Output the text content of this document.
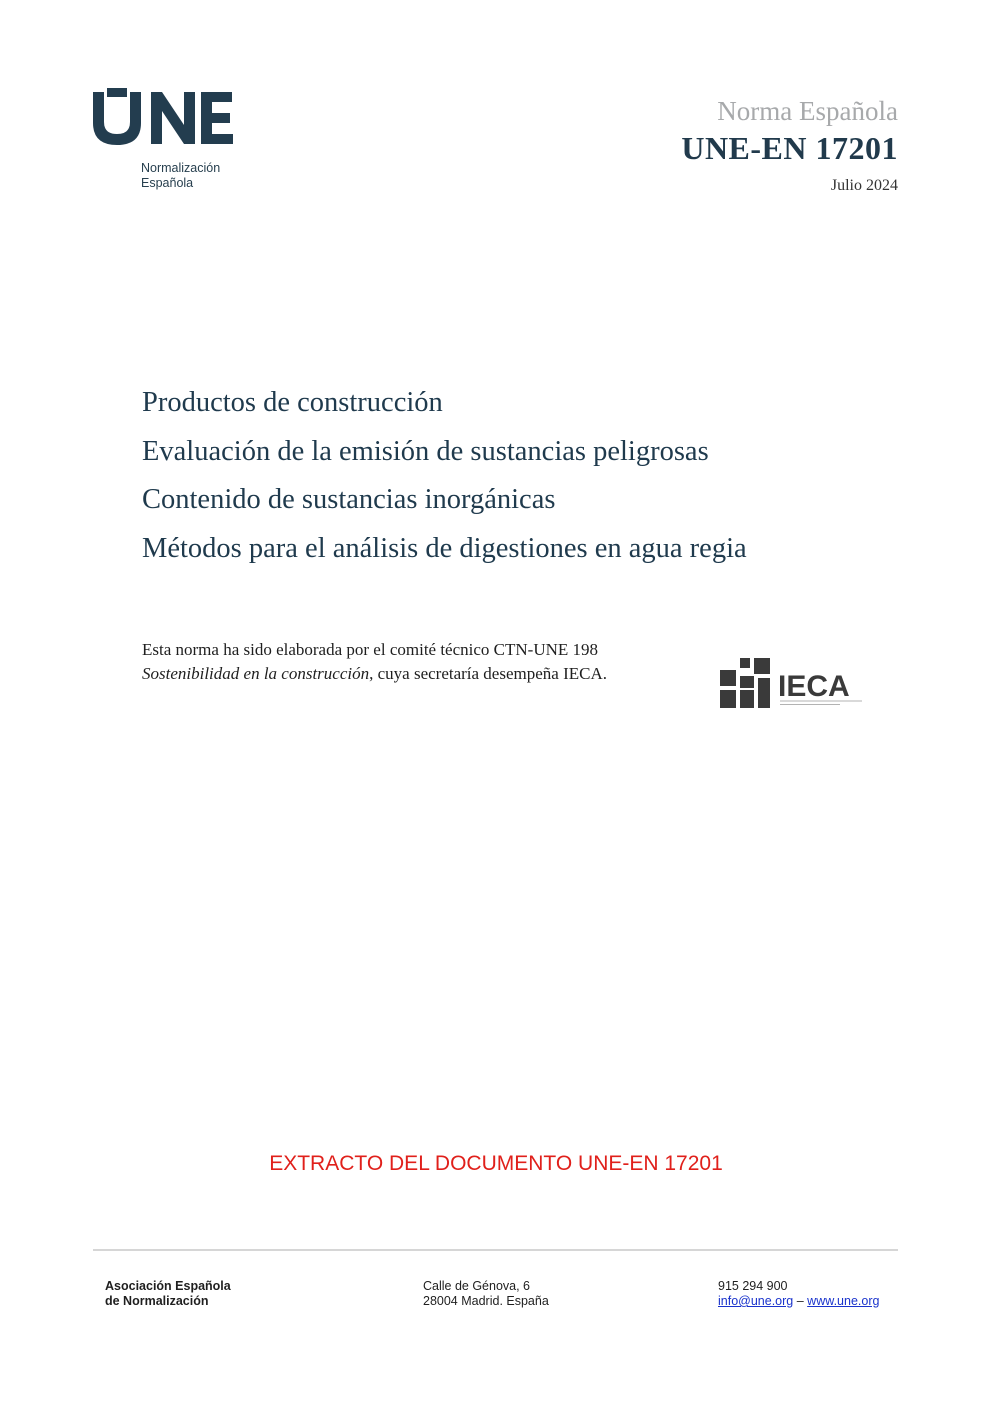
Normalización
Española
Norma Española
UNE-EN 17201
Julio 2024
Productos de construcción
Evaluación de la emisión de sustancias peligrosas
Contenido de sustancias inorgánicas
Métodos para el análisis de digestiones en agua regia
Esta norma ha sido elaborada por el comité técnico CTN-UNE 198 Sostenibilidad en la construcción, cuya secretaría desempeña IECA.	IECA
EXTRACTO DEL DOCUMENTO UNE-EN 17201
Asociación Española
de Normalización
Calle de Génova, 6
28004 Madrid. España
915 294 900
info@une.org – www.une.org
